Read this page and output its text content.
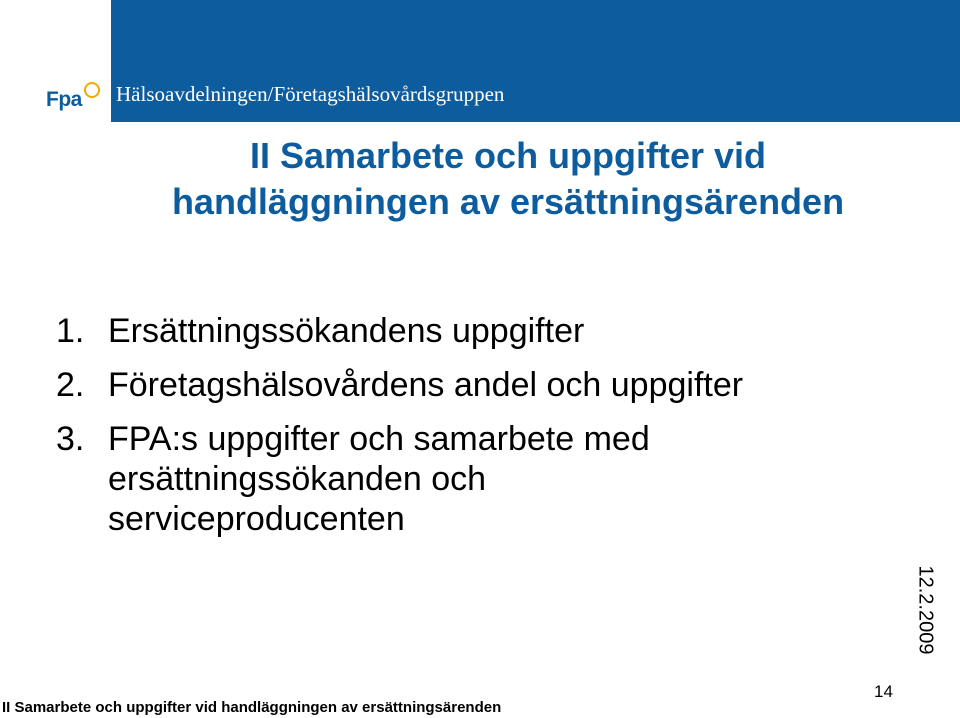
Hälsoavdelningen/Företagshälsovårdsgruppen
Fpa
II Samarbete och uppgifter vid
handläggningen av ersättningsärenden
1. Ersättningssökandens uppgifter
2. Företagshälsovårdens andel och uppgifter
3. FPA:s uppgifter och samarbete med
ersättningssökanden och
serviceproducenten
12.2.2009
14
II Samarbete och uppgifter vid handläggningen av ersättningsärenden
